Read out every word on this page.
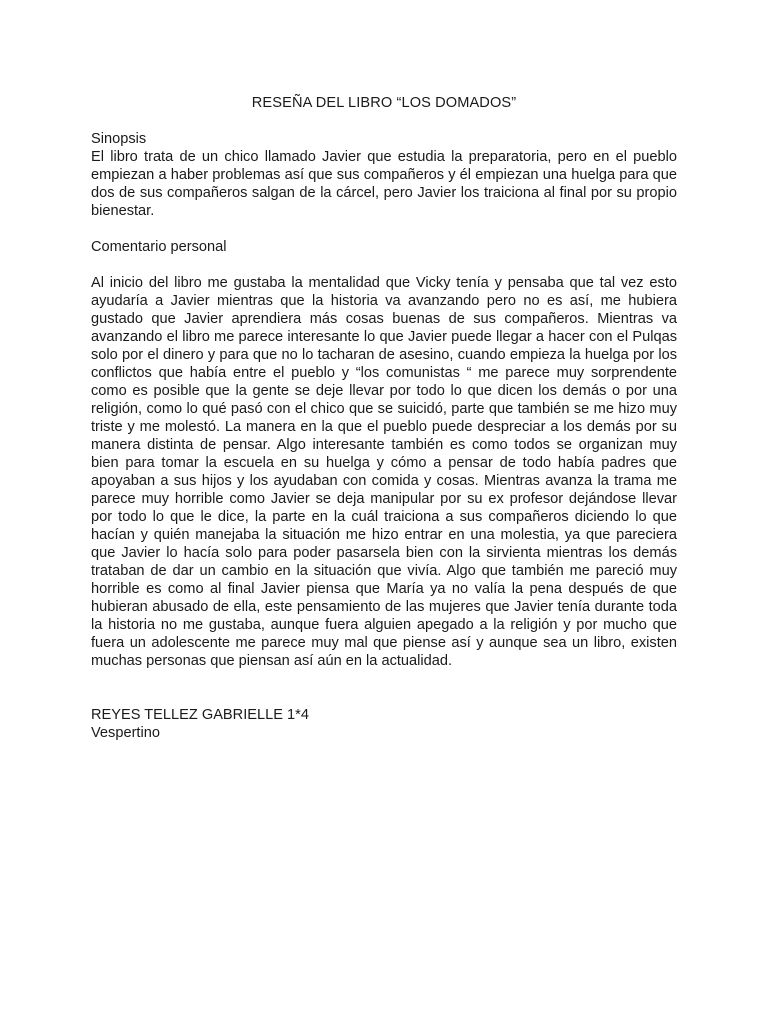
RESEÑA DEL LIBRO “LOS DOMADOS”
Sinopsis

El libro trata de un chico llamado Javier que estudia la preparatoria, pero en el pueblo empiezan a haber problemas así que sus compañeros y él empiezan una huelga para que dos de sus compañeros salgan de la cárcel, pero Javier los traiciona al final por su propio bienestar.

Comentario personal

Al inicio del libro me gustaba la mentalidad que Vicky tenía y pensaba que tal vez esto ayudaría a Javier mientras que la historia va avanzando pero no es así, me hubiera gustado que Javier aprendiera más cosas buenas de sus compañeros. Mientras va avanzando el libro me parece interesante lo que Javier puede llegar a hacer con el Pulqas solo por el dinero y para que no lo tacharan de asesino, cuando empieza la huelga por los conflictos que había entre el pueblo y “los comunistas “ me parece muy sorprendente como es posible que la gente se deje llevar por todo lo que dicen los demás o por una religión, como lo qué pasó con el chico que se suicidó, parte que también se me hizo muy triste y me molestó. La manera en la que el pueblo puede despreciar a los demás por su manera distinta de pensar. Algo interesante también es como todos se organizan muy bien para tomar la escuela en su huelga y cómo a pensar de todo había padres que apoyaban a sus hijos y los ayudaban con comida y cosas. Mientras avanza la trama me parece muy horrible como Javier se deja manipular por su ex profesor dejándose llevar por todo lo que le dice, la parte en la cuál traiciona a sus compañeros diciendo lo que hacían y quién manejaba la situación me hizo entrar en una molestia, ya que pareciera que Javier lo hacía solo para poder pasarsela bien con la sirvienta mientras los demás trataban de dar un cambio en la situación que vivía. Algo que también me pareció muy horrible es como al final Javier piensa que María ya no valía la pena después de que hubieran abusado de ella, este pensamiento de las mujeres que Javier tenía durante toda la historia no me gustaba, aunque fuera alguien apegado a la religión y por mucho que fuera un adolescente me parece muy mal que piense así y aunque sea un libro, existen muchas personas que piensan así aún en la actualidad.

REYES TELLEZ GABRIELLE 1*4

Vespertino
